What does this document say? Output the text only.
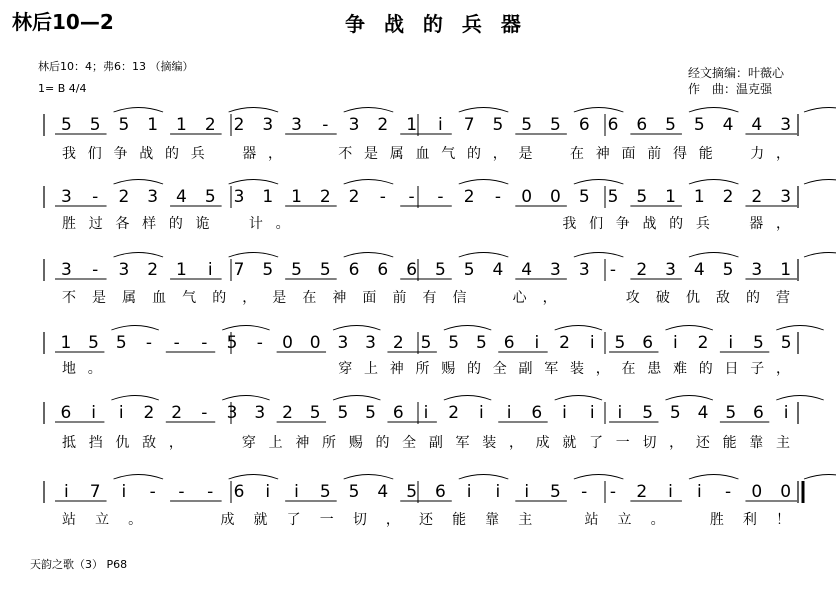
林后10—2	争 战 的 兵 器
林后10：4；弗6：13 （摘编）
1= B 4/4
经文摘编：叶薇心
作　曲：温克强
5 5 5 1 1 2 2 3 3 - 3 2 1 i 7 5 5 5 6 6 6 5 5 4 4 3
我们争战的兵　器，　　不是属血气的，是　在神面前得能　力，
3 - 2 3 4 5 3 1 1 2 2 - - - 2 - 0 0 5 5 5 1 1 2 2 3
胜过各样的诡　计。　　　　　　　　　　我们争战的兵　器，
3 - 3 2 1 i 7 5 5 5 6 6 6 5 5 4 4 3 3 - 2 3 4 5 3 1
不是属血气的，是在神面前有信　心，　　攻破仇敌的营
1 5 5 - - - 5 - 0 0 3 3 2 5 5 5 6 i 2 i 5 6 i 2 i 5 5
地。　　　　　　　　　穿上神所赐的全副军装，在患难的日子，
6 i i 2 2 - 3 3 2 5 5 5 6 i 2 i i 6 i i i 5 5 4 5 6 i
抵挡仇敌，　　穿上神所赐的全副军装，成就了一切，还能靠主
i 7 i - - - 6 i i 5 5 4 5 6 i i i 5 - - 2 i i - 0 0
站立。　　成就了一切，还能靠主　站立。　胜利！
天韵之歌（3） P68
